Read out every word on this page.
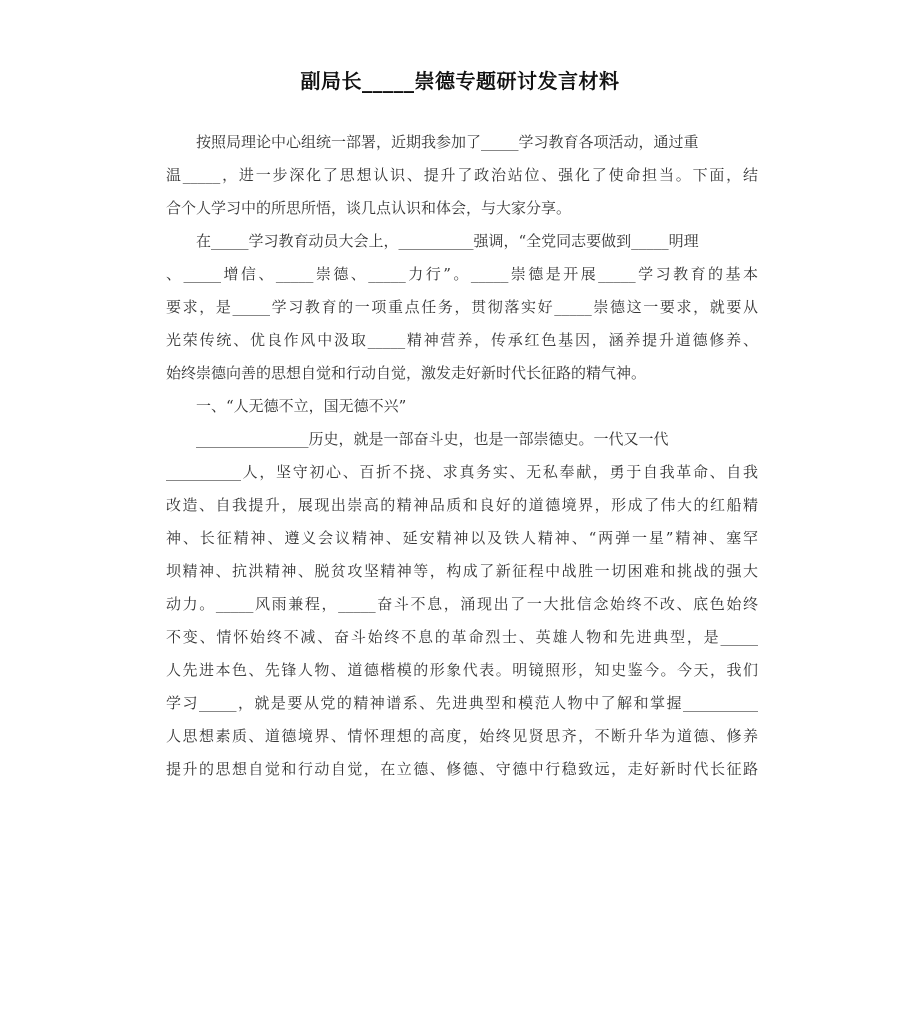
副局长_____崇德专题研讨发言材料
按照局理论中心组统一部署，近期我参加了_____学习教育各项活动，通过重
温_____，进一步深化了思想认识、提升了政治站位、强化了使命担当。下面，结
合个人学习中的所思所悟，谈几点认识和体会，与大家分享。
在_____学习教育动员大会上，__________强调，“全党同志要做到_____明理
、_____增信、_____崇德、_____力行”。_____崇德是开展_____学习教育的基本
要求，是_____学习教育的一项重点任务，贯彻落实好_____崇德这一要求，就要从
光荣传统、优良作风中汲取_____精神营养，传承红色基因，涵养提升道德修养、
始终崇德向善的思想自觉和行动自觉，激发走好新时代长征路的精气神。
一、“人无德不立，国无德不兴”
_______________历史，就是一部奋斗史，也是一部崇德史。一代又一代
__________人，坚守初心、百折不挠、求真务实、无私奉献，勇于自我革命、自我
改造、自我提升，展现出崇高的精神品质和良好的道德境界，形成了伟大的红船精
神、长征精神、遵义会议精神、延安精神以及铁人精神、“两弹一星”精神、塞罕
坝精神、抗洪精神、脱贫攻坚精神等，构成了新征程中战胜一切困难和挑战的强大
动力。_____风雨兼程，_____奋斗不息，涌现出了一大批信念始终不改、底色始终
不变、情怀始终不减、奋斗始终不息的革命烈士、英雄人物和先进典型，是_____
人先进本色、先锋人物、道德楷模的形象代表。明镜照形，知史鉴今。今天，我们
学习_____，就是要从党的精神谱系、先进典型和模范人物中了解和掌握__________
人思想素质、道德境界、情怀理想的高度，始终见贤思齐，不断升华为道德、修养
提升的思想自觉和行动自觉，在立德、修德、守德中行稳致远，走好新时代长征路
